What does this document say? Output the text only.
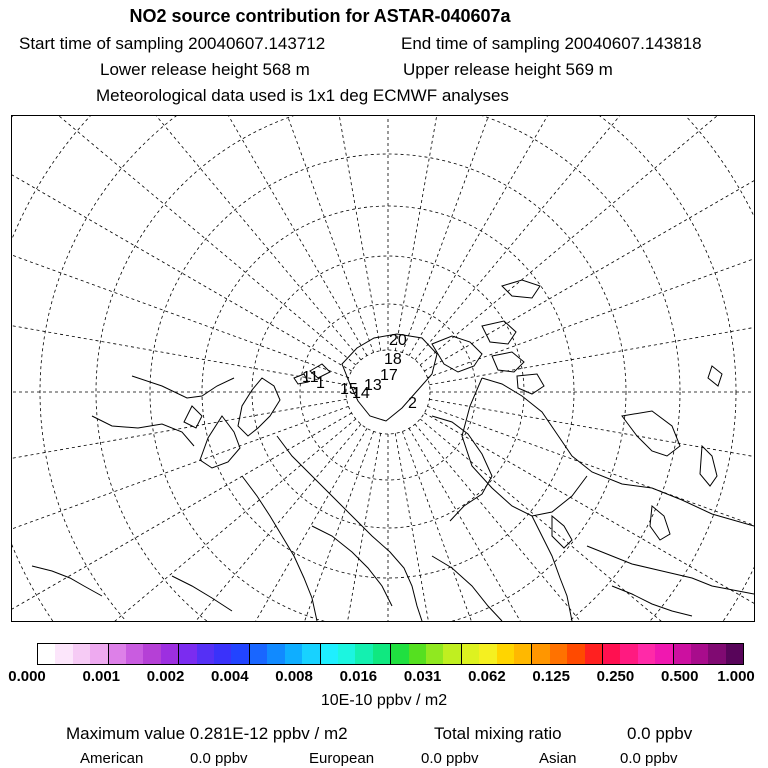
NO2 source contribution for ASTAR-040607a
Start time of sampling 20040607.143712	End time of sampling 20040607.143818
Lower release height 568 m	Upper release height 569 m
Meteorological data used is 1x1 deg ECMWF analyses
20
18
17
2
15
1
14
13
11
0.000 0.001 0.002 0.004 0.008 0.016 0.031 0.062 0.125 0.250 0.500 1.000
10E-10 ppbv / m2
Maximum value 0.281E-12 ppbv / m2	Total mixing ratio	0.0 ppbv
American	0.0 ppbv	European	0.0 ppbv	Asian	0.0 ppbv
